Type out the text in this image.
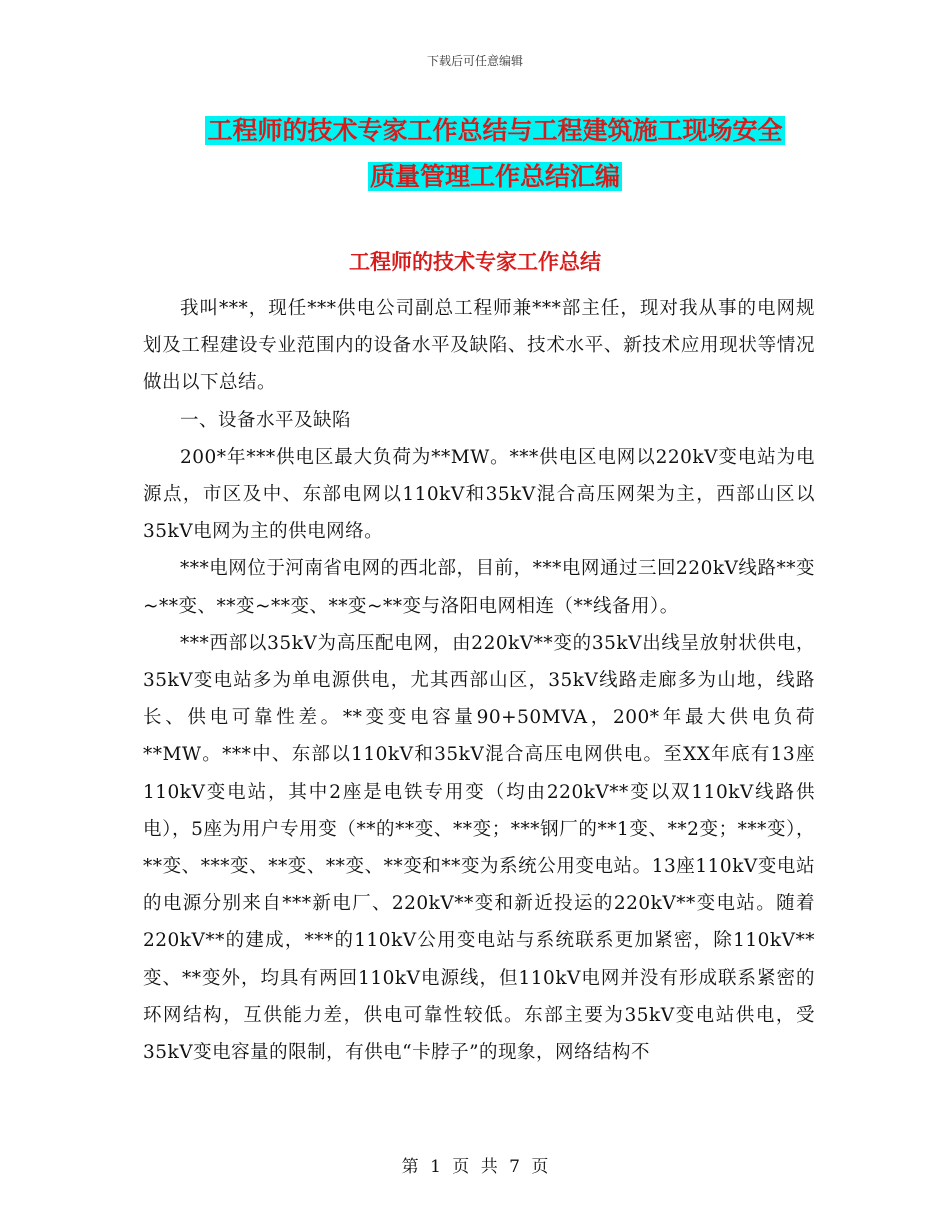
下载后可任意编辑
工程师的技术专家工作总结与工程建筑施工现场安全
质量管理工作总结汇编
工程师的技术专家工作总结

我叫***，现任***供电公司副总工程师兼***部主任，现对我从事的电网规划及工程建设专业范围内的设备水平及缺陷、技术水平、新技术应用现状等情况做出以下总结。

一、设备水平及缺陷

200*年***供电区最大负荷为**MW。***供电区电网以220kV变电站为电源点，市区及中、东部电网以110kV和35kV混合高压网架为主，西部山区以35kV电网为主的供电网络。

***电网位于河南省电网的西北部，目前，***电网通过三回220kV线路**变~**变、**变~**变、**变~**变与洛阳电网相连（**线备用）。

***西部以35kV为高压配电网，由220kV**变的35kV出线呈放射状供电，35kV变电站多为单电源供电，尤其西部山区，35kV线路走廊多为山地，线路长、供电可靠性差。**变变电容量90+50MVA，200*年最大供电负荷**MW。***中、东部以110kV和35kV混合高压电网供电。至XX年底有13座110kV变电站，其中2座是电铁专用变（均由220kV**变以双110kV线路供电），5座为用户专用变（**的**变、**变；***钢厂的**1变、**2变；***变），**变、***变、**变、**变、**变和**变为系统公用变电站。13座110kV变电站的电源分别来自***新电厂、220kV**变和新近投运的220kV**变电站。随着220kV**的建成，***的110kV公用变电站与系统联系更加紧密，除110kV**变、**变外，均具有两回110kV电源线，但110kV电网并没有形成联系紧密的环网结构，互供能力差，供电可靠性较低。东部主要为35kV变电站供电，受35kV变电容量的限制，有供电“卡脖子”的现象，网络结构不

第 1 页 共 7 页
